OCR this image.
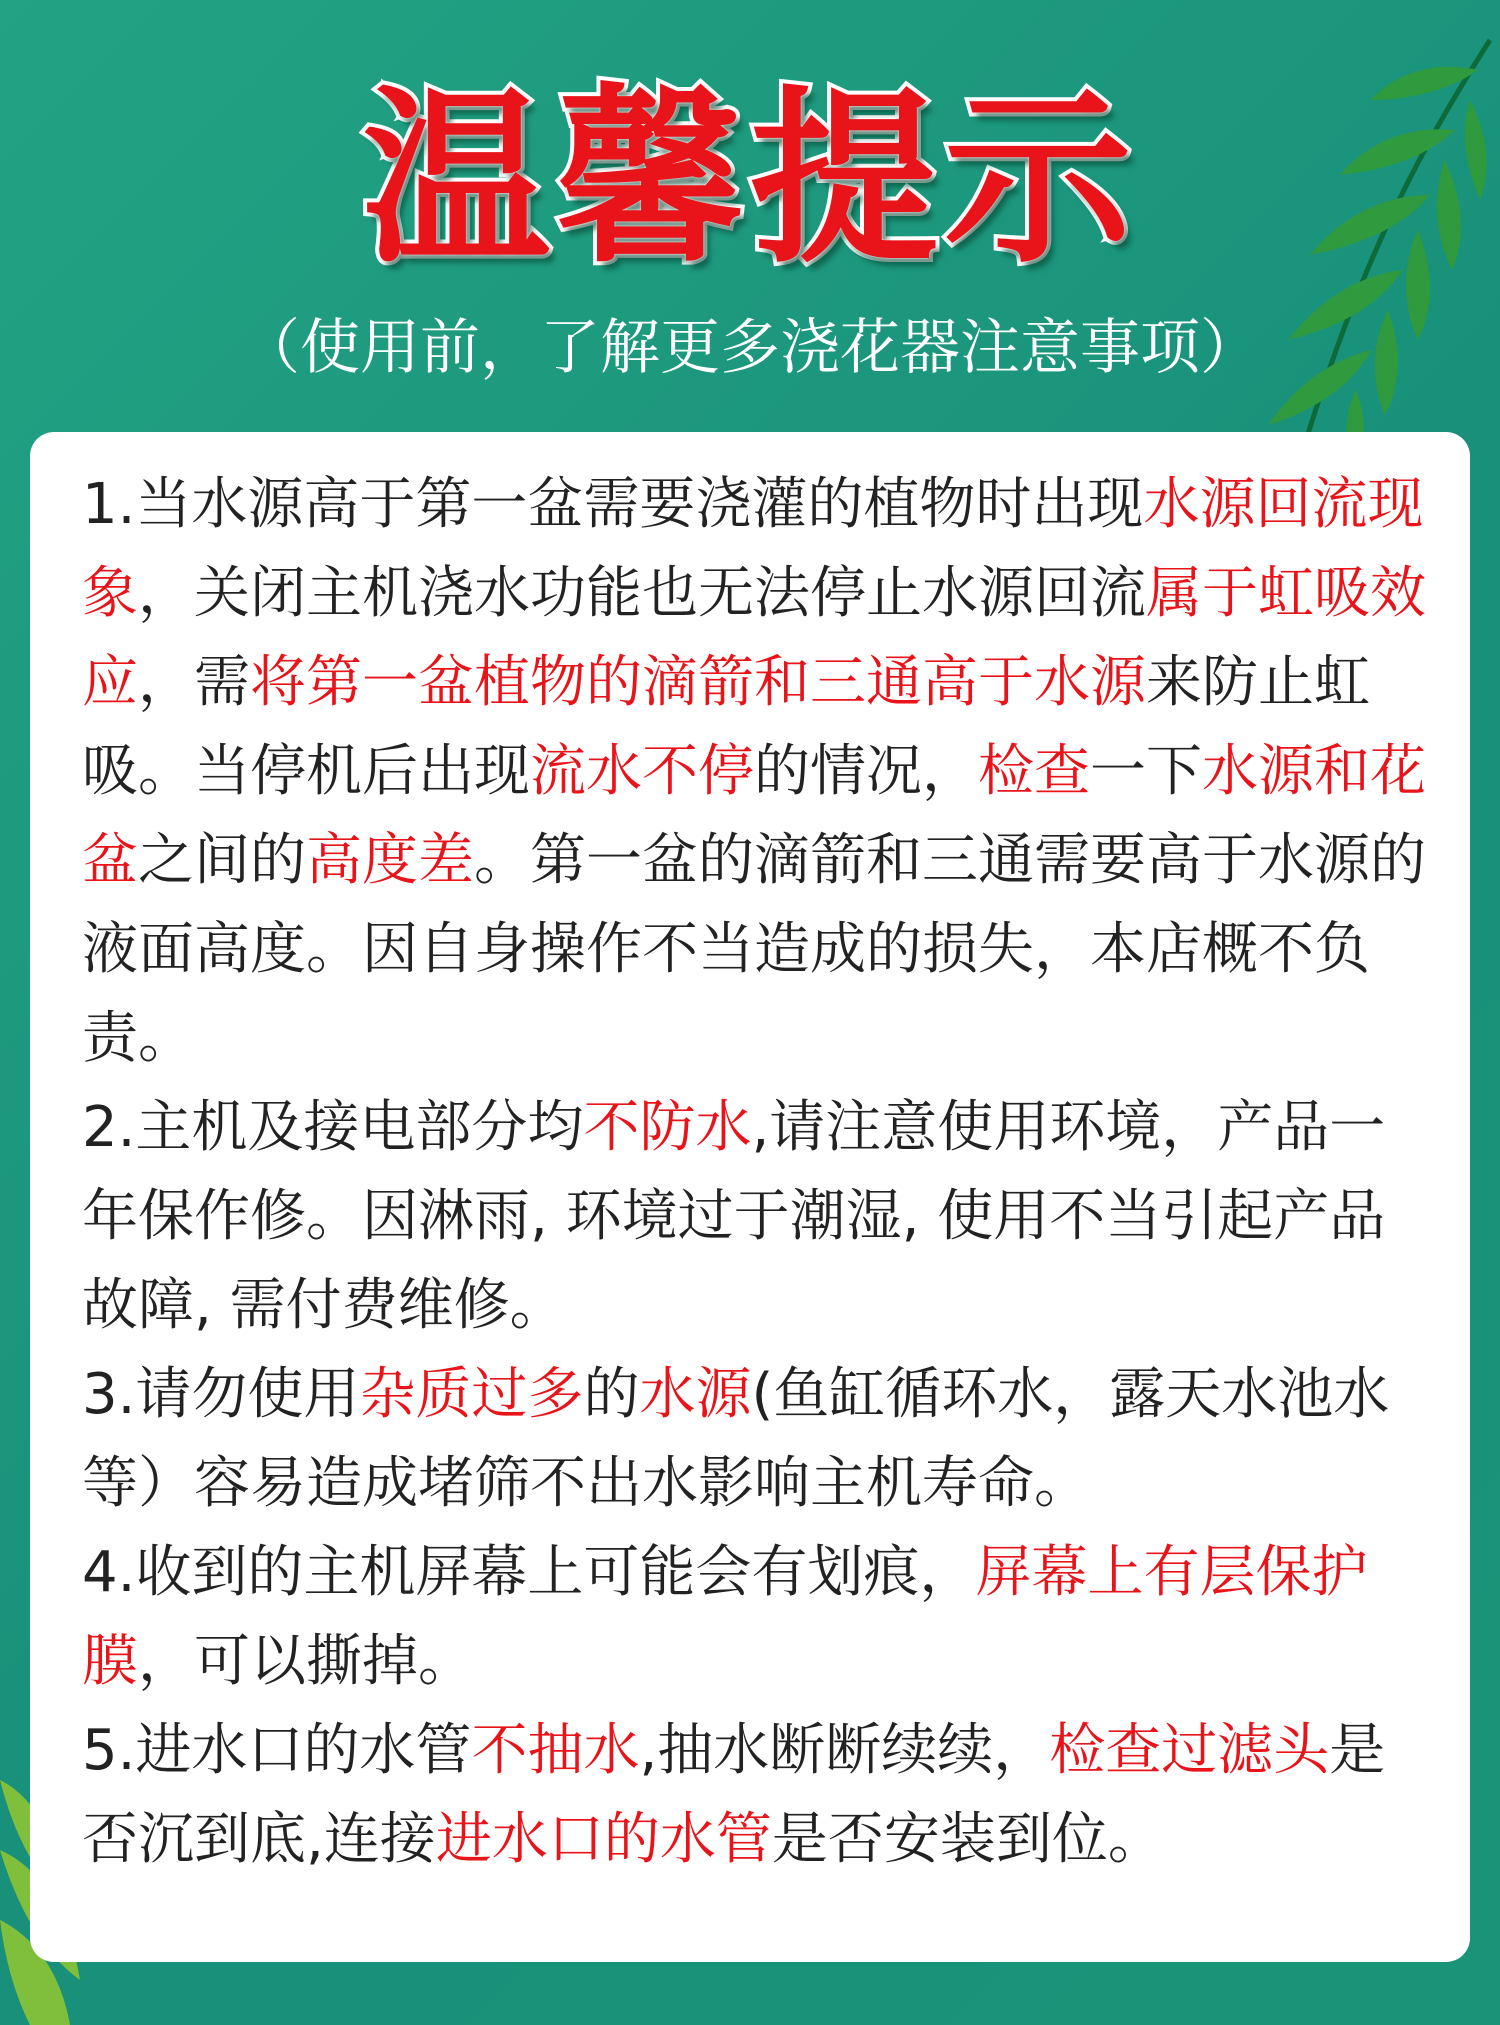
温馨提示
（使用前，了解更多浇花器注意事项）

1.当水源高于第一盆需要浇灌的植物时出现水源回流现象，关闭主机浇水功能也无法停止水源回流属于虹吸效应，需将第一盆植物的滴箭和三通高于水源来防止虹吸。当停机后出现流水不停的情况，检查一下水源和花盆之间的高度差。第一盆的滴箭和三通需要高于水源的液面高度。因自身操作不当造成的损失，本店概不负责。

2.主机及接电部分均不防水,请注意使用环境，产品一年保作修。因淋雨, 环境过于潮湿, 使用不当引起产品故障, 需付费维修。

3.请勿使用杂质过多的水源(鱼缸循环水，露天水池水等）容易造成堵筛不出水影响主机寿命。

4.收到的主机屏幕上可能会有划痕，屏幕上有层保护膜，可以撕掉。

5.进水口的水管不抽水,抽水断断续续，检查过滤头是否沉到底,连接进水口的水管是否安装到位。
